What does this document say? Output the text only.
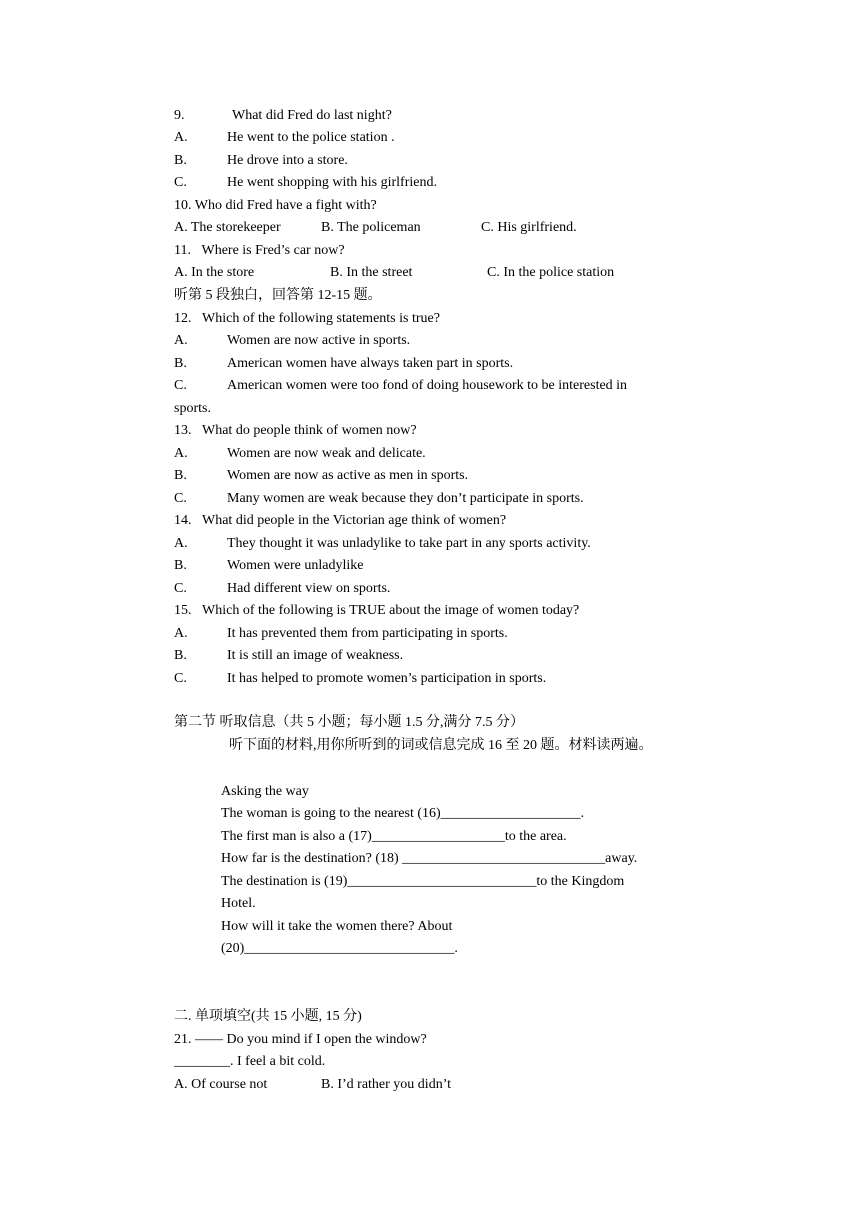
9.	What did Fred do last night?
A.	He went to the police station .
B.	He drove into a store.
C.	He went shopping with his girlfriend.
10. Who did Fred have a fight with?
A. The storekeeper	B. The policeman	C. His girlfriend.
11.   Where is Fred’s car now?
A. In the store	B. In the street	C. In the police station
听第 5 段独白，回答第 12-15 题。
12.   Which of the following statements is true?
A.	Women are now active in sports.
B.	American women have always taken part in sports.
C.	American women were too fond of doing housework to be interested in
sports.
13.   What do people think of women now?
A.	Women are now weak and delicate.
B.	Women are now as active as men in sports.
C.	Many women are weak because they don’t participate in sports.
14.   What did people in the Victorian age think of women?
A.	They thought it was unladylike to take part in any sports activity.
B.	Women were unladylike
C.	Had different view on sports.
15.   Which of the following is TRUE about the image of women today?
A.	It has prevented them from participating in sports.
B.	It is still an image of weakness.
C.	It has helped to promote women’s participation in sports.
第二节 听取信息（共 5 小题；每小题 1.5 分,满分 7.5 分）
听下面的材料,用你所听到的词或信息完成 16 至 20 题。材料读两遍。
Asking the way
The woman is going to the nearest (16)____________________.
The first man is also a (17)___________________to the area.
How far is the destination? (18) _____________________________away.
The destination is (19)___________________________to the Kingdom
Hotel.
How will it take the women there? About
(20)______________________________.
二. 单项填空(共 15 小题, 15 分)
21. —— Do you mind if I open the window?
________. I feel a bit cold.
A. Of course not	B. I’d rather you didn’t
